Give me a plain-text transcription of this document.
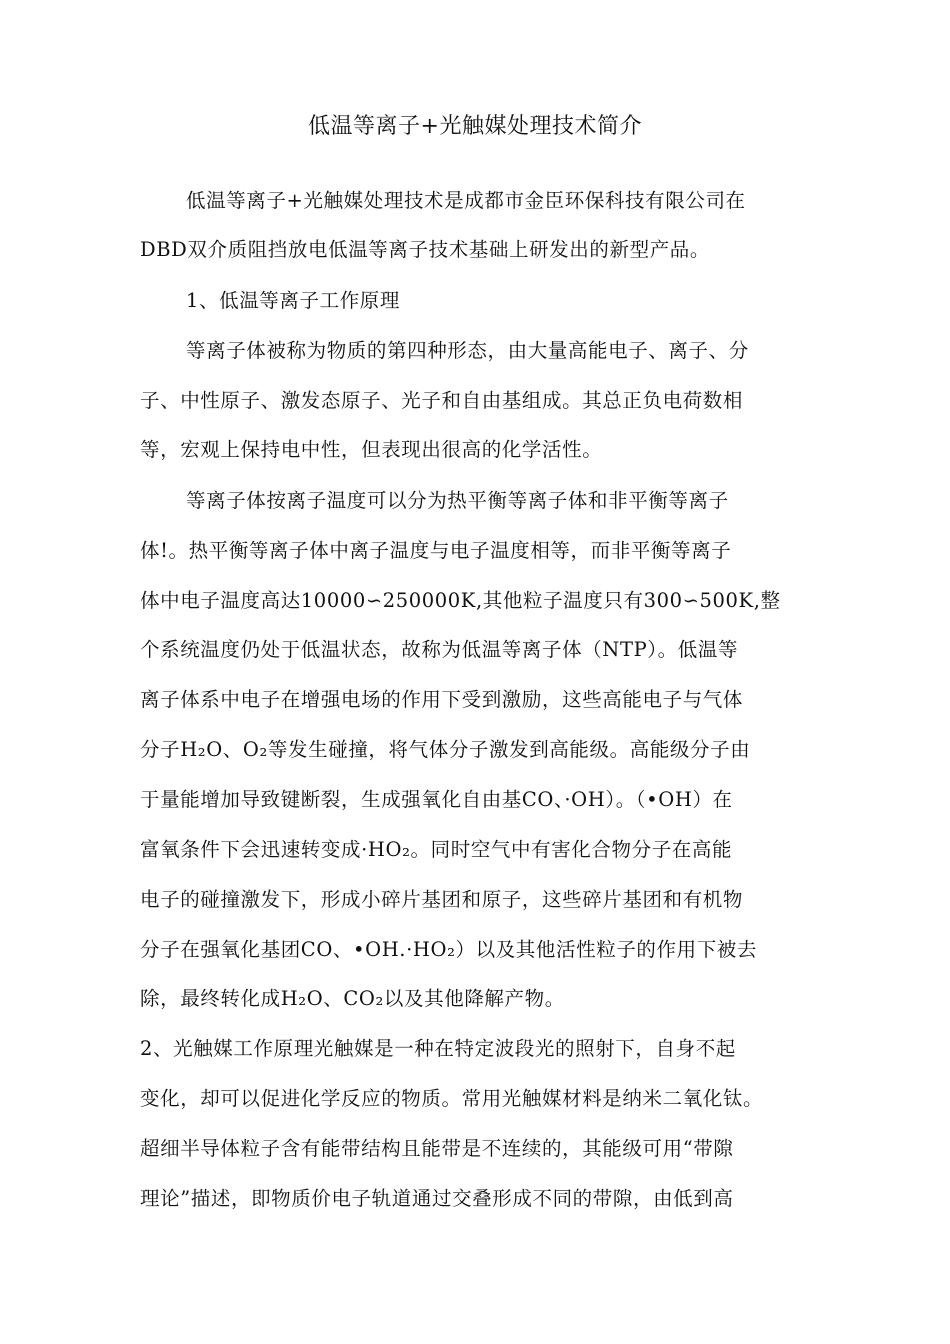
低温等离子+光触媒处理技术简介
低温等离子+光触媒处理技术是成都市金臣环保科技有限公司在
DBD双介质阻挡放电低温等离子技术基础上研发出的新型产品。
1、低温等离子工作原理
等离子体被称为物质的第四种形态，由大量高能电子、离子、分
子、中性原子、激发态原子、光子和自由基组成。其总正负电荷数相
等，宏观上保持电中性，但表现出很高的化学活性。
等离子体按离子温度可以分为热平衡等离子体和非平衡等离子
体!。热平衡等离子体中离子温度与电子温度相等，而非平衡等离子
体中电子温度高达10000∽250000K,其他粒子温度只有300∽500K,整
个系统温度仍处于低温状态，故称为低温等离子体（NTP）。低温等
离子体系中电子在增强电场的作用下受到激励，这些高能电子与气体
分子H₂O、O₂等发生碰撞，将气体分子激发到高能级。高能级分子由
于量能增加导致键断裂，生成强氧化自由基CO、·OH）。（•OH）在
富氧条件下会迅速转变成·HO₂。同时空气中有害化合物分子在高能
电子的碰撞激发下，形成小碎片基团和原子，这些碎片基团和有机物
分子在强氧化基团CO、•OH.·HO₂）以及其他活性粒子的作用下被去
除，最终转化成H₂O、CO₂以及其他降解产物。
2、光触媒工作原理光触媒是一种在特定波段光的照射下，自身不起
变化，却可以促进化学反应的物质。常用光触媒材料是纳米二氧化钛。
超细半导体粒子含有能带结构且能带是不连续的，其能级可用“带隙
理论”描述，即物质价电子轨道通过交叠形成不同的带隙，由低到高
